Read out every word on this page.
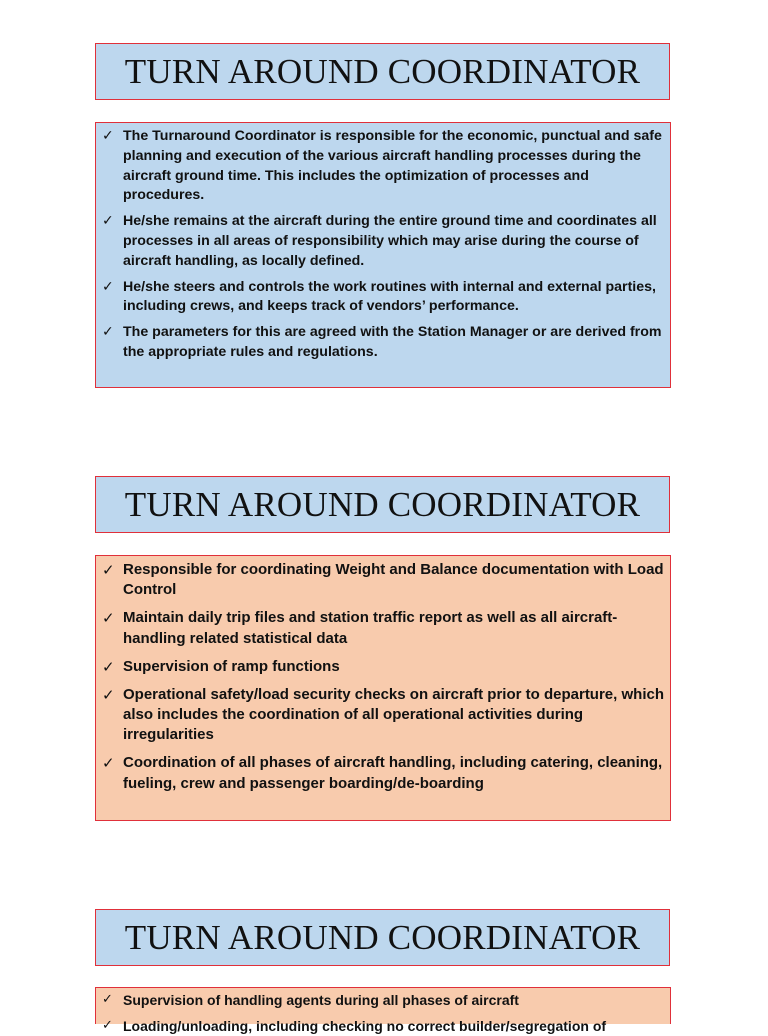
TURN AROUND COORDINATOR
✓ The Turnaround Coordinator is responsible for the economic, punctual and safe planning and execution of the various aircraft handling processes during the aircraft ground time. This includes the optimization of processes and procedures.
✓ He/she remains at the aircraft during the entire ground time and coordinates all processes in all areas of responsibility which may arise during the course of aircraft handling, as locally defined.
✓ He/she steers and controls the work routines with internal and external parties, including crews, and keeps track of vendors’ performance.
✓ The parameters for this are agreed with the Station Manager or are derived from the appropriate rules and regulations.
TURN AROUND COORDINATOR
✓ Responsible for coordinating Weight and Balance documentation with Load Control
✓ Maintain daily trip files and station traffic report as well as all aircraft-handling related statistical data
✓ Supervision of ramp functions
✓ Operational safety/load security checks on aircraft prior to departure, which also includes the coordination of all operational activities during irregularities
✓ Coordination of all phases of aircraft handling, including catering, cleaning, fueling, crew and passenger boarding/de-boarding
TURN AROUND COORDINATOR
✓ Supervision of handling agents during all phases of aircraft
✓ Loading/unloading, including checking no correct builder/segregation of
